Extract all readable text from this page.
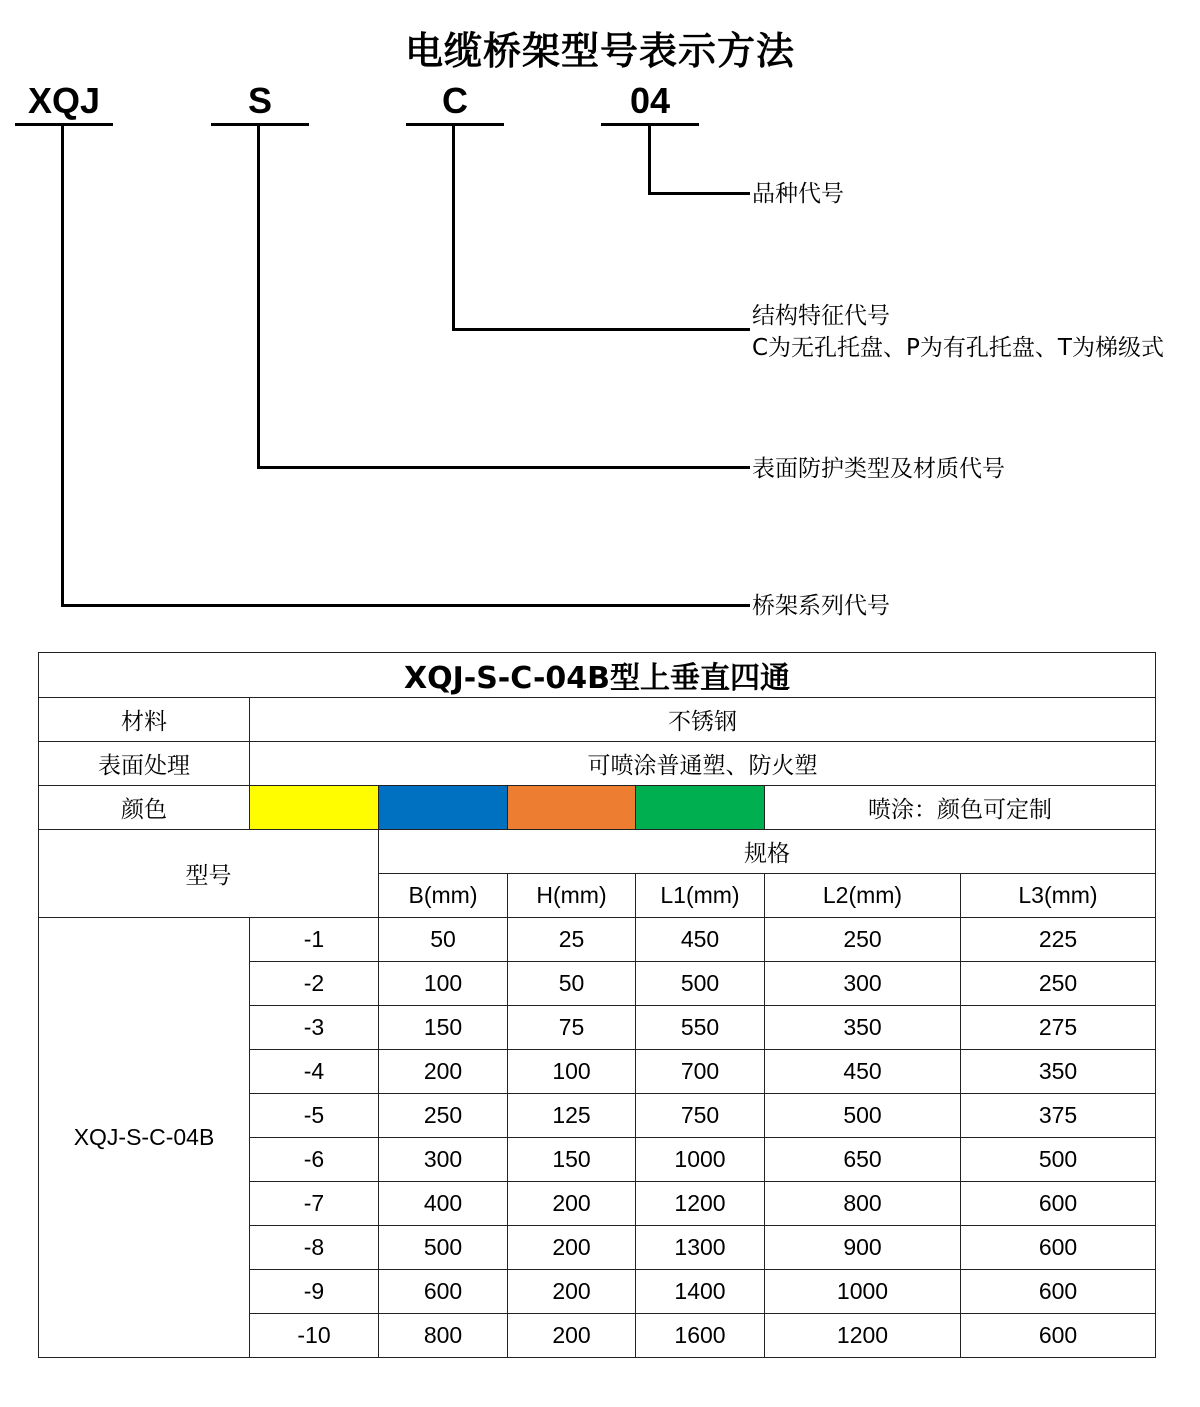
电缆桥架型号表示方法
XQJ	S	C	04
品种代号
结构特征代号
C为无孔托盘、P为有孔托盘、T为梯级式
表面防护类型及材质代号
桥架系列代号
XQJ-S-C-04B型上垂直四通						
材料	不锈钢					
表面处理	可喷涂普通塑、防火塑					
颜色					喷涂：颜色可定制	
型号		规格				
		B(mm)	H(mm)	L1(mm)	L2(mm)	L3(mm)
XQJ-S-C-04B	-1	50	25	450	250	225
	-2	100	50	500	300	250
	-3	150	75	550	350	275
	-4	200	100	700	450	350
	-5	250	125	750	500	375
	-6	300	150	1000	650	500
	-7	400	200	1200	800	600
	-8	500	200	1300	900	600
	-9	600	200	1400	1000	600
	-10	800	200	1600	1200	600
